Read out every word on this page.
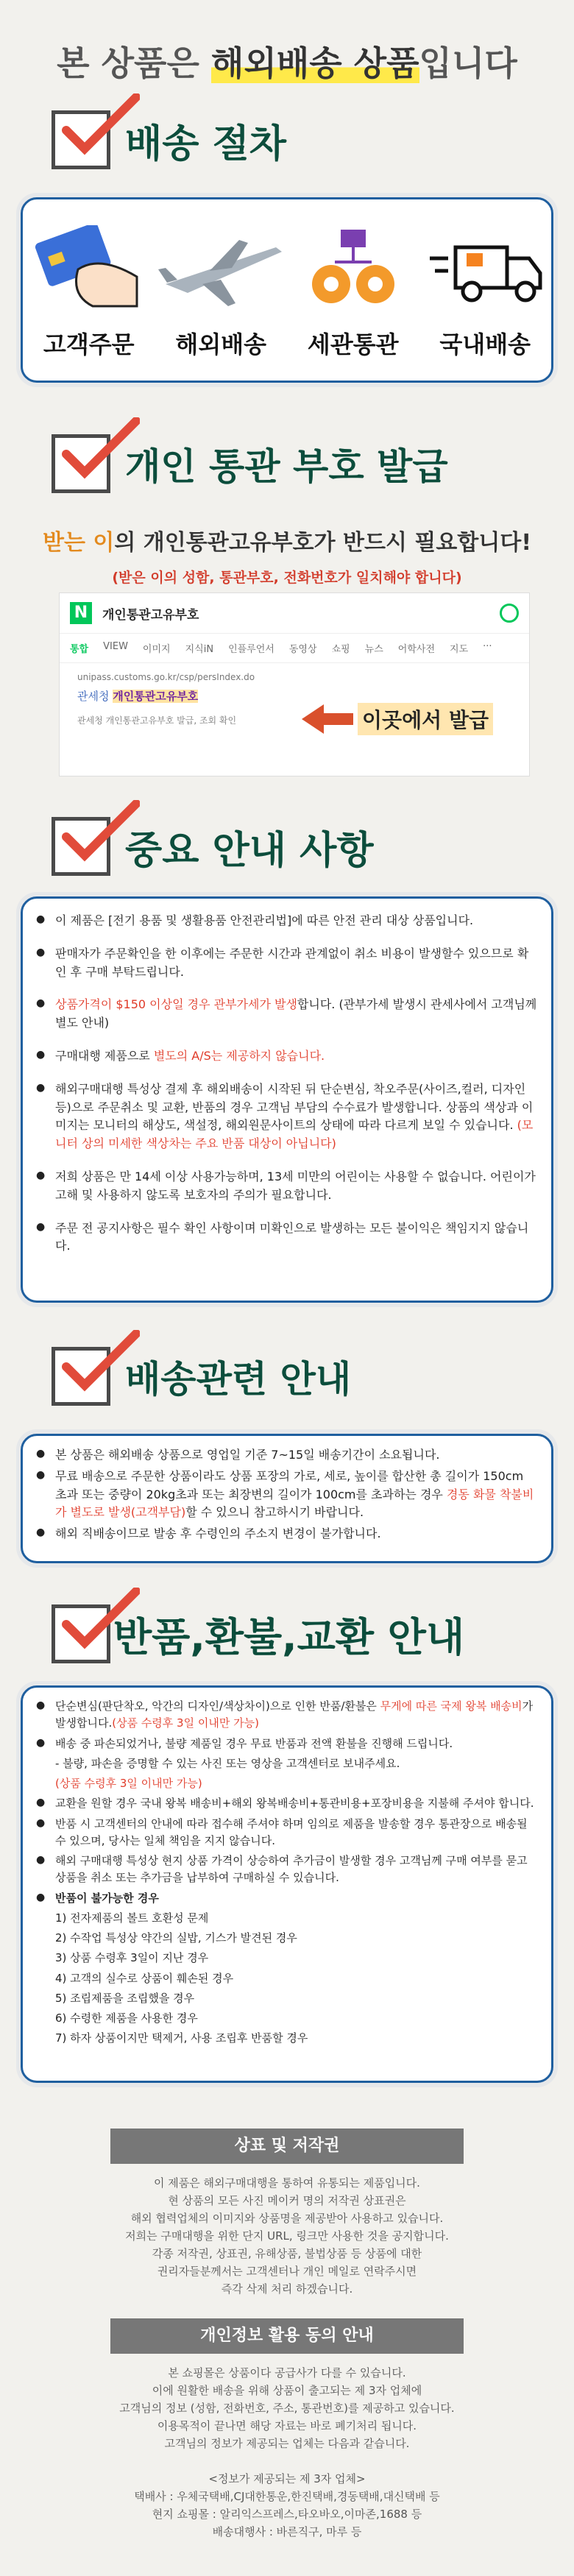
본 상품은 해외배송 상품입니다
배송 절차
고객주문	해외배송	세관통관	국내배송
개인 통관 부호 발급
받는 이의 개인통관고유부호가 반드시 필요합니다!
(받은 이의 성함, 통관부호, 전화번호가 일치해야 합니다)
N	개인통관고유부호
통합 VIEW 이미지 지식iN 인플루언서 동영상 쇼핑 뉴스 어학사전 지도 ···
unipass.customs.go.kr/csp/persIndex.do
관세청 개인통관고유부호
관세청 개인통관고유부호 발급, 조회 확인	이곳에서 발급
중요 안내 사항
● 이 제품은 [전기 용품 및 생활용품 안전관리법]에 따른 안전 관리 대상 상품입니다.
● 판매자가 주문확인을 한 이후에는 주문한 시간과 관계없이 취소 비용이 발생할수 있으므로 확인 후 구매 부탁드립니다.
● 상품가격이 $150 이상일 경우 관부가세가 발생합니다. (관부가세 발생시 관세사에서 고객님께 별도 안내)
● 구매대행 제품으로 별도의 A/S는 제공하지 않습니다.
● 해외구매대행 특성상 결제 후 해외배송이 시작된 뒤 단순변심, 착오주문(사이즈,컬러, 디자인 등)으로 주문취소 및 교환, 반품의 경우 고객님 부담의 수수료가 발생합니다. 상품의 색상과 이미지는 모니터의 해상도, 색설정, 해외원문사이트의 상태에 따라 다르게 보일 수 있습니다. (모니터 상의 미세한 색상차는 주요 반품 대상이 아닙니다)
● 저희 상품은 만 14세 이상 사용가능하며, 13세 미만의 어린이는 사용할 수 없습니다. 어린이가 고해 및 사용하지 않도록 보호자의 주의가 필요합니다.
● 주문 전 공지사항은 필수 확인 사항이며 미확인으로 발생하는 모든 불이익은 책임지지 않습니다.
배송관련 안내
● 본 상품은 해외배송 상품으로 영업일 기준 7~15일 배송기간이 소요됩니다.
● 무료 배송으로 주문한 상품이라도 상품 포장의 가로, 세로, 높이를 합산한 총 길이가 150cm 초과 또는 중량이 20kg초과 또는 최장변의 길이가 100cm를 초과하는 경우 경동 화물 착불비가 별도로 발생(고객부담)할 수 있으니 참고하시기 바랍니다.
● 해외 직배송이므로 발송 후 수령인의 주소지 변경이 불가합니다.
반품,환불,교환 안내
● 단순변심(판단착오, 악간의 디자인/색상차이)으로 인한 반품/환불은 무게에 따른 국제 왕복 배송비가 발생합니다.(상품 수령후 3일 이내만 가능)
● 배송 중 파손되었거나, 불량 제품일 경우 무료 반품과 전액 환불을 진행해 드립니다.
- 불량, 파손을 증명할 수 있는 사진 또는 영상을 고객센터로 보내주세요.
(상품 수령후 3일 이내만 가능)
● 교환을 원할 경우 국내 왕복 배송비+해외 왕복배송비+통관비용+포장비용을 지불해 주셔야 합니다.
● 반품 시 고객센터의 안내에 따라 접수해 주셔야 하며 임의로 제품을 발송할 경우 통관장으로 배송될 수 있으며, 당사는 일체 책임을 지지 않습니다.
● 해외 구매대행 특성상 현지 상품 가격이 상승하여 추가금이 발생할 경우 고객님께 구매 여부를 묻고 상품을 취소 또는 추가금을 납부하여 구매하실 수 있습니다.
● 반품이 불가능한 경우
1) 전자제품의 볼트 호환성 문제
2) 수작업 특성상 약간의 실밥, 기스가 발견된 경우
3) 상품 수령후 3일이 지난 경우
4) 고객의 실수로 상품이 훼손된 경우
5) 조립제품을 조립했을 경우
6) 수령한 제품을 사용한 경우
7) 하자 상품이지만 택제거, 사용 조립후 반품할 경우
상표 및 저작권
이 제품은 해외구매대행을 통하여 유통되는 제품입니다.
현 상품의 모든 사진 메이커 명의 저작권 상표권은
해외 협력업체의 이미지와 상품명을 제공받아 사용하고 있습니다.
저희는 구매대행을 위한 단지 URL, 링크만 사용한 것을 공지합니다.
각종 저작권, 상표권, 유해상품, 불법상품 등 상품에 대한
권리자들분께서는 고객센터나 개인 메일로 연락주시면
즉각 삭제 처리 하겠습니다.
개인정보 활용 동의 안내
본 쇼핑몰은 상품이다 공급사가 다를 수 있습니다.
이에 원활한 배송을 위해 상품이 출고되는 제 3자 업체에
고객님의 정보 (성함, 전화번호, 주소, 통관번호)를 제공하고 있습니다.
이용목적이 끝나면 해당 자료는 바로 폐기처리 됩니다.
고객님의 정보가 제공되는 업체는 다음과 같습니다.

<정보가 제공되는 제 3자 업체>
택배사 : 우체국택배,CJ대한통운,한진택배,경동택배,대신택배 등
현지 쇼핑몰 : 알리익스프레스,타오바오,이마존,1688 등
배송대행사 : 바른직구, 마루 등
